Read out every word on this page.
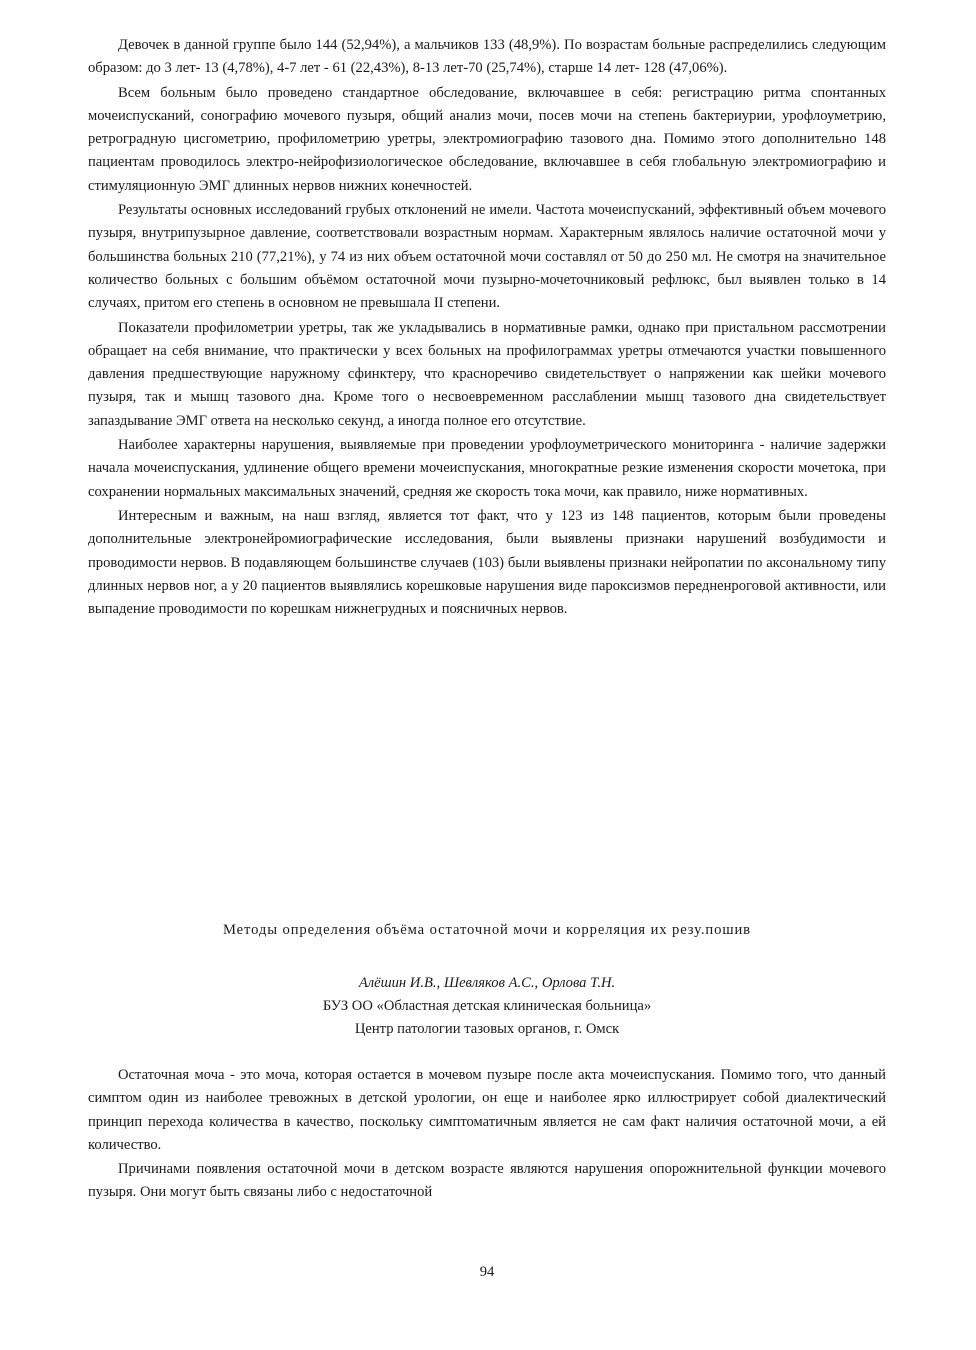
Девочек в данной группе было 144 (52,94%), а мальчиков 133 (48,9%). По возрастам больные распределились следующим образом: до 3 лет- 13 (4,78%), 4-7 лет - 61 (22,43%), 8-13 лет-70 (25,74%), старше 14 лет- 128 (47,06%).

Всем больным было проведено стандартное обследование, включавшее в себя: регистрацию ритма спонтанных мочеиспусканий, сонографию мочевого пузыря, общий анализ мочи, посев мочи на степень бактериурии, урофлоуметрию, ретроградную цисгометрию, профилометрию уретры, электромиографию тазового дна. Помимо этого дополнительно 148 пациентам проводилось электро-нейрофизиологическое обследование, включавшее в себя глобальную электромиографию и стимуляционную ЭМГ длинных нервов нижних конечностей.

Результаты основных исследований грубых отклонений не имели. Частота мочеиспусканий, эффективный объем мочевого пузыря, внутрипузырное давление, соответствовали возрастным нормам. Характерным являлось наличие остаточной мочи у большинства больных 210 (77,21%), у 74 из них объем остаточной мочи составлял от 50 до 250 мл. Не смотря на значительное количество больных с большим объёмом остаточной мочи пузырно-мочеточниковый рефлюкс, был выявлен только в 14 случаях, притом его степень в основном не превышала II степени.

Показатели профилометрии уретры, так же укладывались в нормативные рамки, однако при пристальном рассмотрении обращает на себя внимание, что практически у всех больных на профилограммах уретры отмечаются участки повышенного давления предшествующие наружному сфинктеру, что красноречиво свидетельствует о напряжении как шейки мочевого пузыря, так и мышц тазового дна. Кроме того о несвоевременном расслаблении мышц тазового дна свидетельствует запаздывание ЭМГ ответа на несколько секунд, а иногда полное его отсутствие.

Наиболее характерны нарушения, выявляемые при проведении урофлоуметрического мониторинга - наличие задержки начала мочеиспускания, удлинение общего времени мочеиспускания, многократные резкие изменения скорости мочетока, при сохранении нормальных максимальных значений, средняя же скорость тока мочи, как правило, ниже нормативных.

Интересным и важным, на наш взгляд, является тот факт, что у 123 из 148 пациентов, которым были проведены дополнительные электронейромиографические исследования, были выявлены признаки нарушений возбудимости и проводимости нервов. В подавляющем большинстве случаев (103) были выявлены признаки нейропатии по аксональному типу длинных нервов ног, а у 20 пациентов выявлялись корешковые нарушения виде пароксизмов передненроговой активности, или выпадение проводимости по корешкам нижнегрудных и поясничных нервов.

Методы определения объёма остаточной мочи и корреляция их резу.пошив
Алёшин И.В., Шевляков А.С., Орлова Т.Н.
БУЗ ОО «Областная детская клиническая больница»
Центр патологии тазовых органов, г. Омск

Остаточная моча - это моча, которая остается в мочевом пузыре после акта мочеиспускания. Помимо того, что данный симптом один из наиболее тревожных в детской урологии, он еще и наиболее ярко иллюстрирует собой диалектический принцип перехода количества в качество, поскольку симптоматичным является не сам факт наличия остаточной мочи, а ей количество.

Причинами появления остаточной мочи в детском возрасте являются нарушения опорожнительной функции мочевого пузыря. Они могут быть связаны либо с недостаточной

94
